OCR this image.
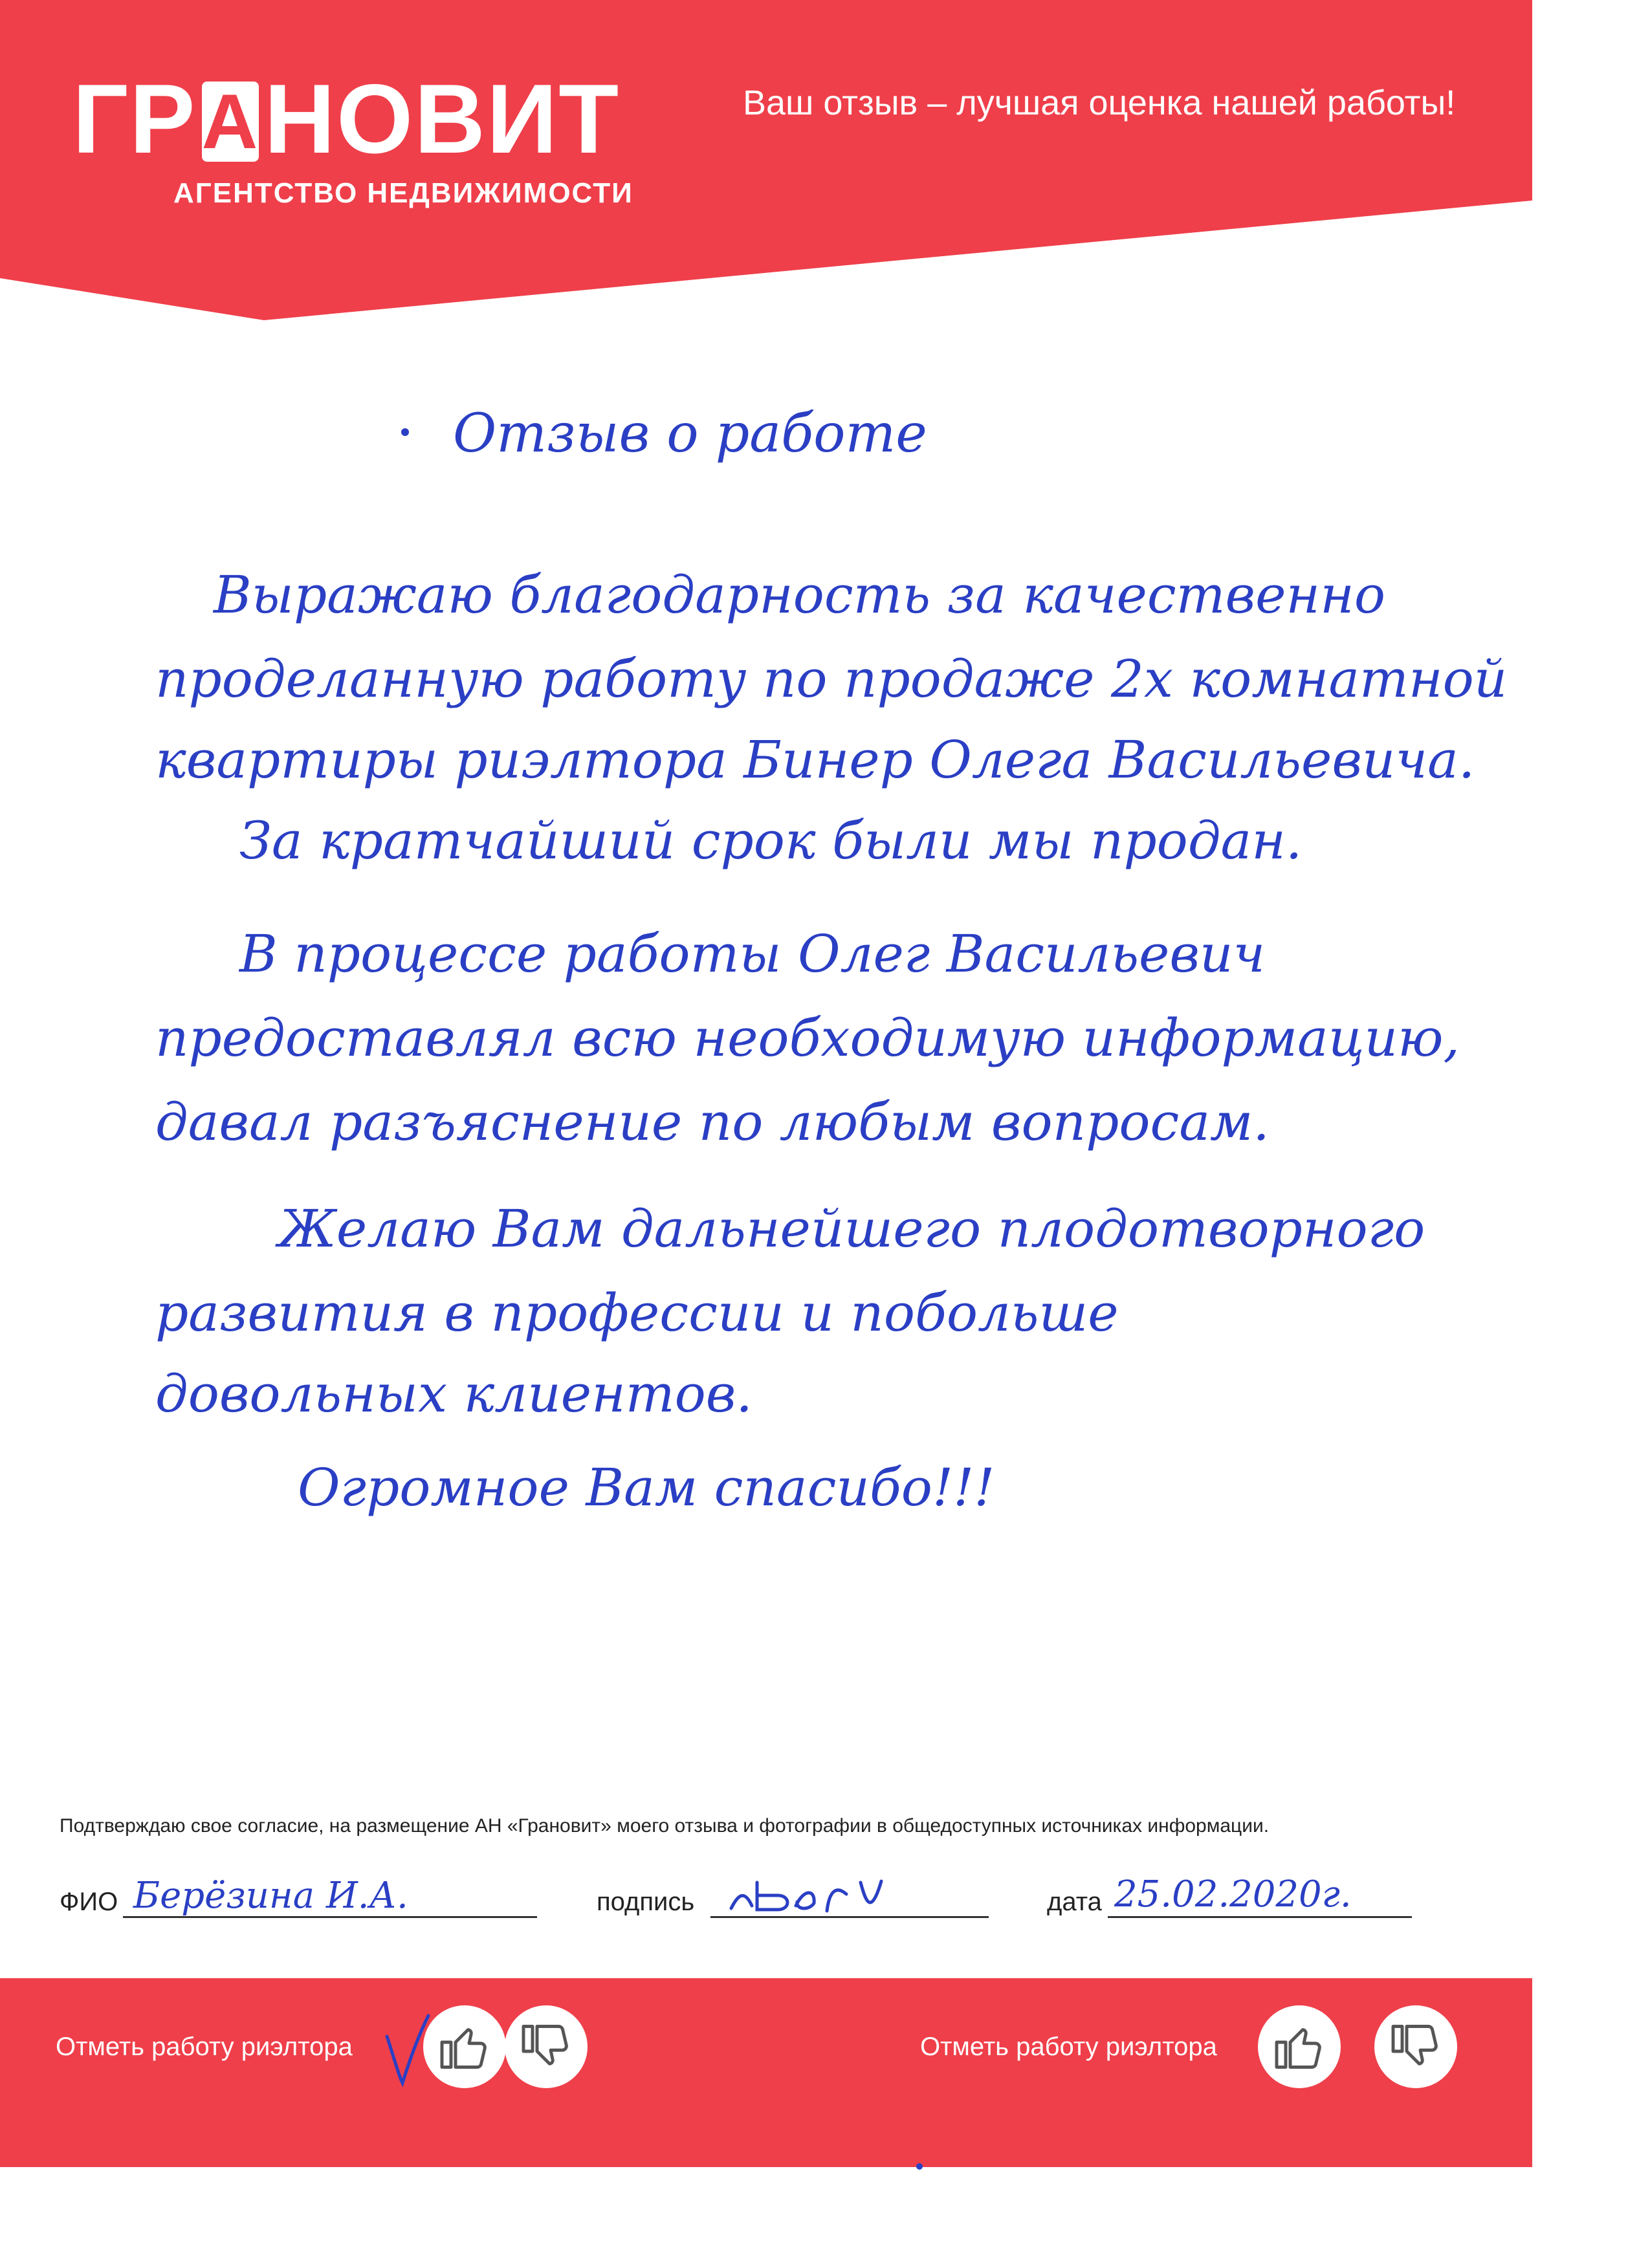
ГР А НОВИТ
АГЕНТСТВО НЕДВИЖИМОСТИ
Ваш отзыв – лучшая оценка нашей работы!
Отзыв о работе
Выражаю благодарность за качественно
проделанную работу по продаже 2х комнатной
квартиры риэлтора Бинер Олега Васильевича.
За кратчайший срок были мы продан.
В процессе работы Олег Васильевич
предоставлял всю необходимую информацию,
давал разъяснение по любым вопросам.
Желаю Вам дальнейшего плодотворного
развития в профессии и побольше
довольных клиентов.
Огромное Вам спасибо!!!
Подтверждаю свое согласие, на размещение АН «Грановит» моего отзыва и фотографии в общедоступных источниках информации.
ФИО Берёзина И.А.	подпись	дата 25.02.2020г.
Отметь работу риэлтора	Отметь работу риэлтора
